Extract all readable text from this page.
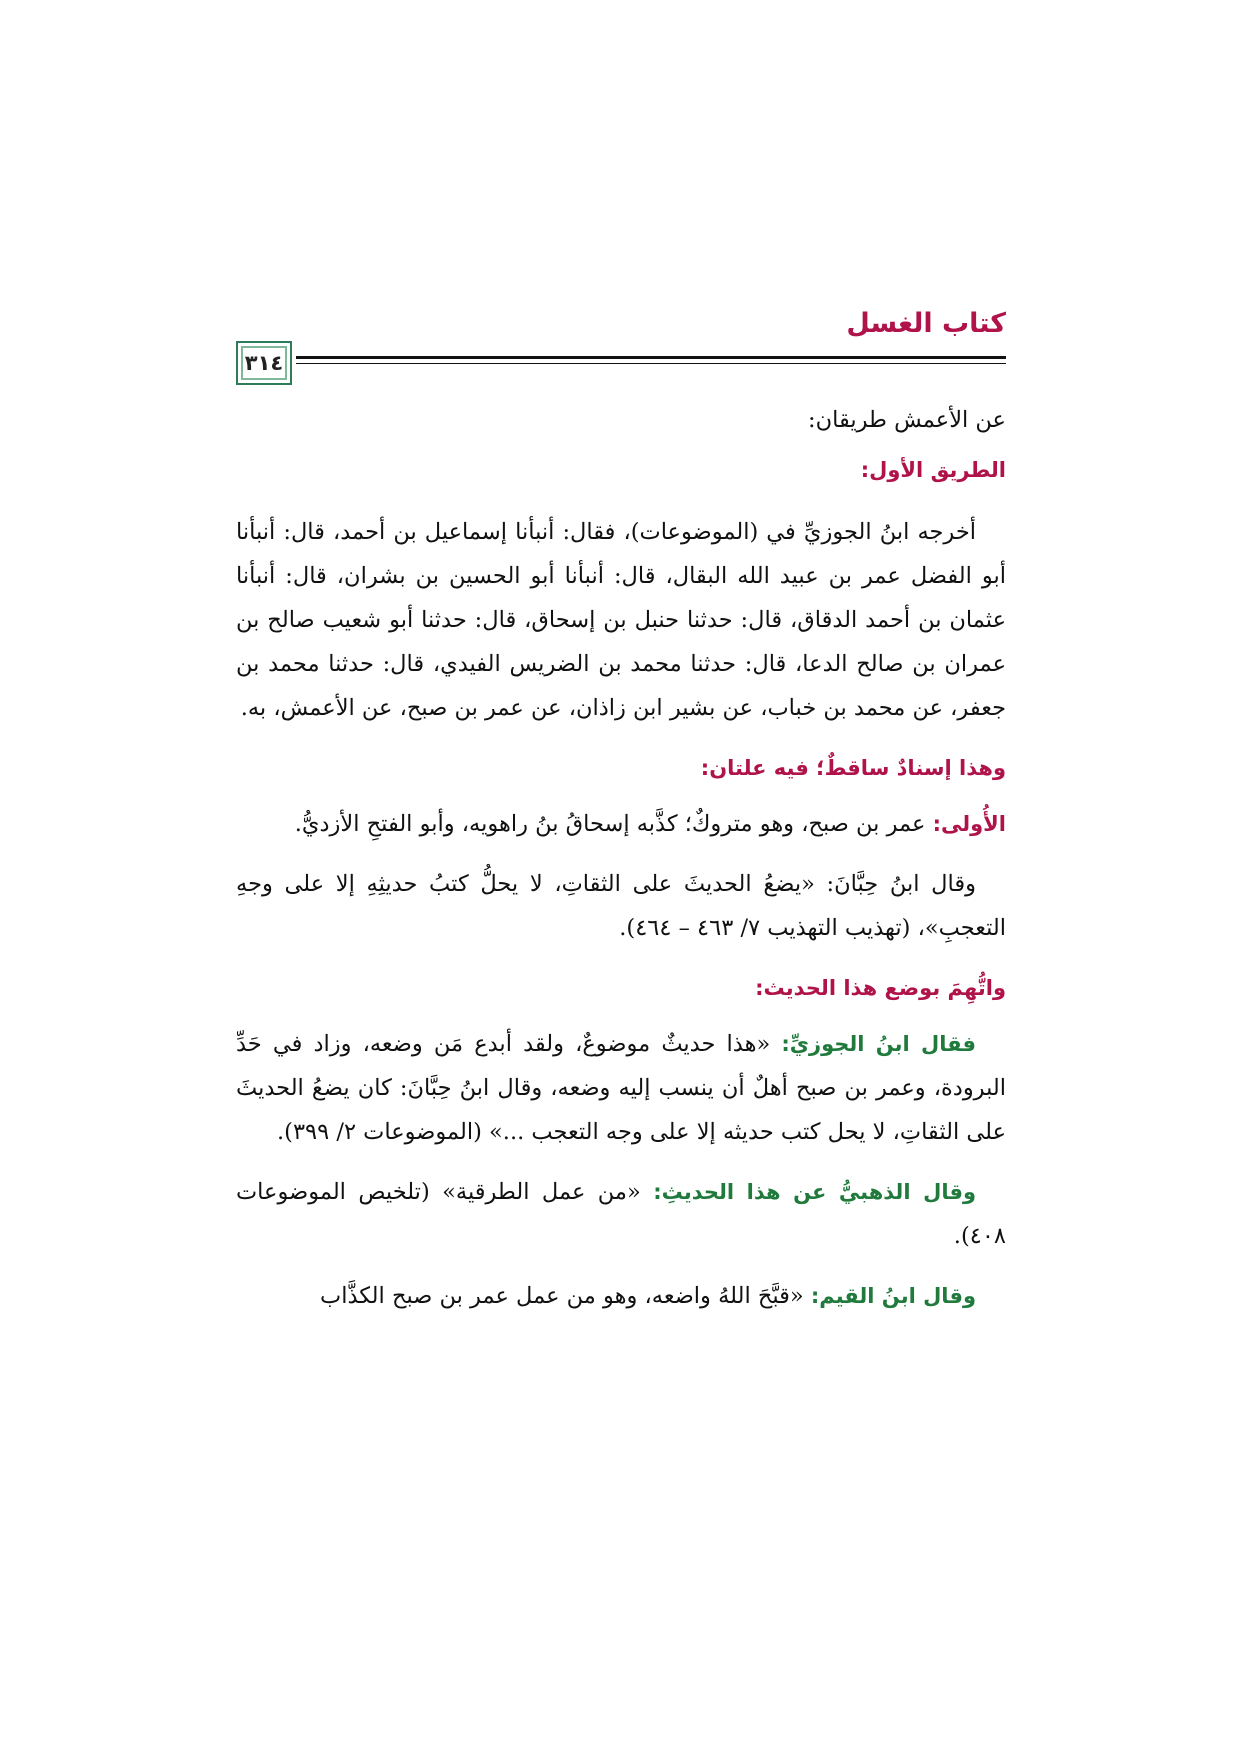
كتاب الغسل
٣١٤

عن الأعمش طريقان:

الطريق الأول:

أخرجه ابنُ الجوزيِّ في (الموضوعات)، فقال: أنبأنا إسماعيل بن أحمد، قال: أنبأنا أبو الفضل عمر بن عبيد الله البقال، قال: أنبأنا أبو الحسين بن بشران، قال: أنبأنا عثمان بن أحمد الدقاق، قال: حدثنا حنبل بن إسحاق، قال: حدثنا أبو شعيب صالح بن عمران بن صالح الدعا، قال: حدثنا محمد بن الضريس الفيدي، قال: حدثنا محمد بن جعفر، عن محمد بن خباب، عن بشير ابن زاذان، عن عمر بن صبح، عن الأعمش، به.

وهذا إسنادٌ ساقطٌ؛ فيه علتان:

الأُولى: عمر بن صبح، وهو متروكٌ؛ كذَّبه إسحاقُ بنُ راهويه، وأبو الفتحِ الأزديُّ.

وقال ابنُ حِبَّانَ: «يضعُ الحديثَ على الثقاتِ، لا يحلُّ كتبُ حديثِهِ إلا على وجهِ التعجبِ»، (تهذيب التهذيب ٧/ ٤٦٣ – ٤٦٤).

واتُّهِمَ بوضع هذا الحديث:

فقال ابنُ الجوزيِّ: «هذا حديثٌ موضوعٌ، ولقد أبدع مَن وضعه، وزاد في حَدِّ البرودة، وعمر بن صبح أهلٌ أن ينسب إليه وضعه، وقال ابنُ حِبَّانَ: كان يضعُ الحديثَ على الثقاتِ، لا يحل كتب حديثه إلا على وجه التعجب ...» (الموضوعات ٢/ ٣٩٩).

وقال الذهبيُّ عن هذا الحديثِ: «من عمل الطرقية» (تلخيص الموضوعات ٤٠٨).

وقال ابنُ القيم: «قبَّحَ اللهُ واضعه، وهو من عمل عمر بن صبح الكذَّاب
